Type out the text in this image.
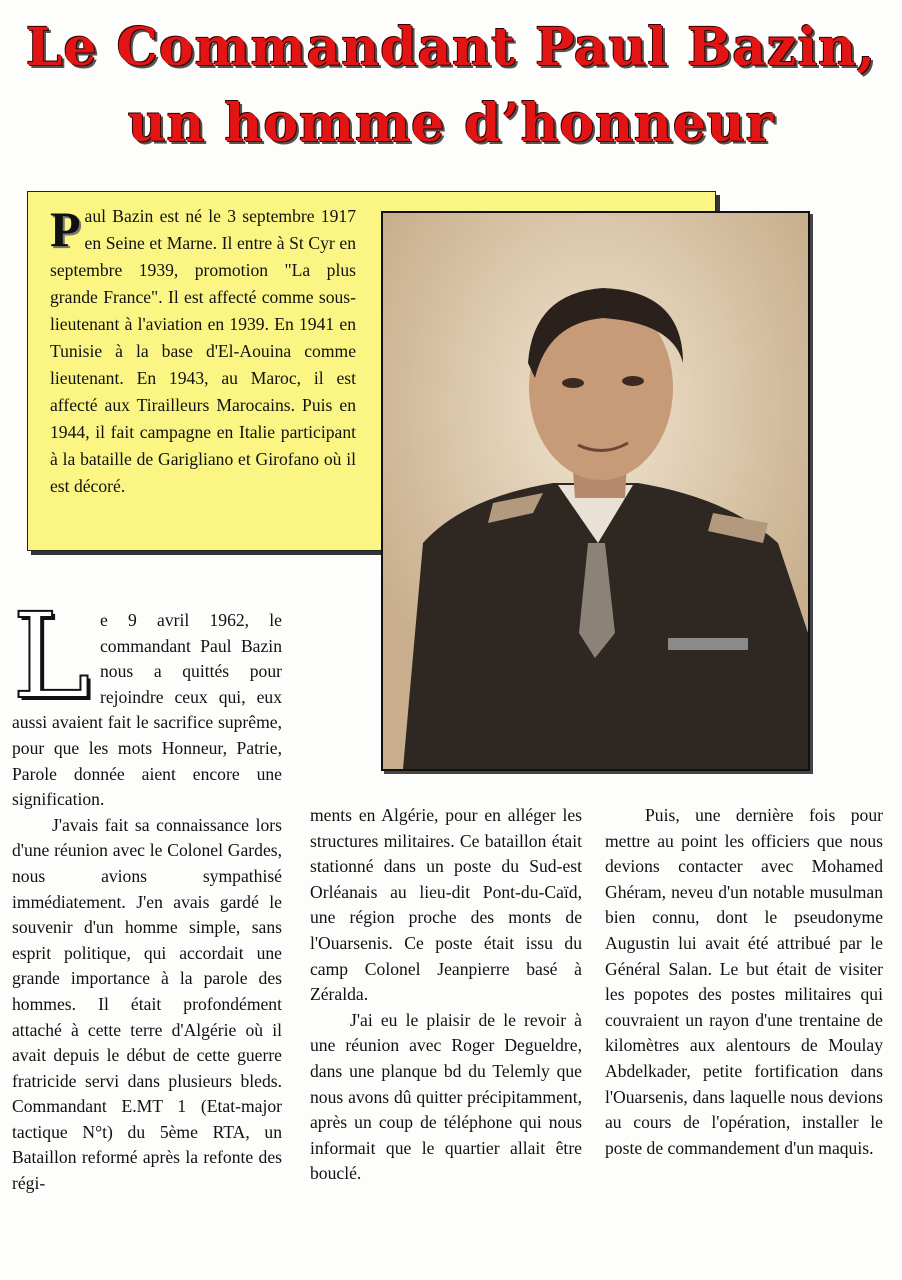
Le Commandant Paul Bazin,
un homme d’honneur
Paul Bazin est né le 3 septembre 1917 en Seine et Marne. Il entre à St Cyr en septembre 1939, promotion "La plus grande France". Il est affecté comme sous-lieutenant à l'aviation en 1939. En 1941 en Tunisie à la base d'El-Aouina comme lieutenant. En 1943, au Maroc, il est affecté aux Tirailleurs Marocains. Puis en 1944, il fait campagne en Italie participant à la bataille de Garigliano et Girofano où il est décoré.

Le 9 avril 1962, le commandant Paul Bazin nous a quittés pour rejoindre ceux qui, eux aussi avaient fait le sacrifice suprême, pour que les mots Honneur, Patrie, Parole donnée aient encore une signification.

J'avais fait sa connaissance lors d'une réunion avec le Colonel Gardes, nous avions sympathisé immédiatement. J'en avais gardé le souvenir d'un homme simple, sans esprit politique, qui accordait une grande importance à la parole des hommes. Il était profondément attaché à cette terre d'Algérie où il avait depuis le début de cette guerre fratricide servi dans plusieurs bleds. Commandant E.MT 1 (Etat-major tactique N°t) du 5ème RTA, un Bataillon reformé après la refonte des régi-

ments en Algérie, pour en alléger les structures militaires. Ce bataillon était stationné dans un poste du Sud-est Orléanais au lieu-dit Pont-du-Caïd, une région proche des monts de l'Ouarsenis. Ce poste était issu du camp Colonel Jeanpierre basé à Zéralda.

J'ai eu le plaisir de le revoir à une réunion avec Roger Degueldre, dans une planque bd du Telemly que nous avons dû quitter précipitamment, après un coup de téléphone qui nous informait que le quartier allait être bouclé.

Puis, une dernière fois pour mettre au point les officiers que nous devions contacter avec Mohamed Ghéram, neveu d'un notable musulman bien connu, dont le pseudonyme Augustin lui avait été attribué par le Général Salan. Le but était de visiter les popotes des postes militaires qui couvraient un rayon d'une trentaine de kilomètres aux alentours de Moulay Abdelkader, petite fortification dans l'Ouarsenis, dans laquelle nous devions au cours de l'opération, installer le poste de commandement d'un maquis.
